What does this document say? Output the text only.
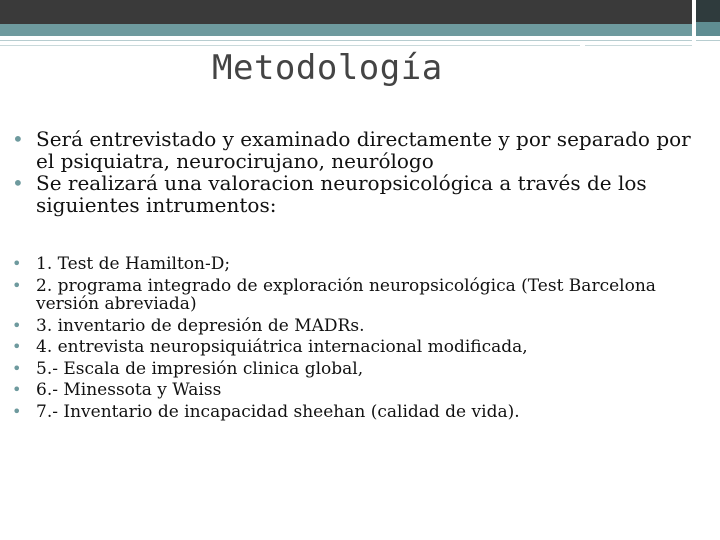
Metodología
• Será entrevistado y examinado directamente y por separado por el psiquiatra, neurocirujano, neurólogo
• Se realizará una valoracion neuropsicológica a través de los siguientes intrumentos:
• 1. Test de Hamilton-D;
• 2. programa integrado de exploración neuropsicológica (Test Barcelona versión abreviada)
• 3. inventario de depresión de MADRs.
• 4. entrevista neuropsiquiátrica internacional modificada,
• 5.- Escala de impresión clinica global,
• 6.- Minessota y Waiss
• 7.- Inventario de incapacidad sheehan (calidad de vida).
